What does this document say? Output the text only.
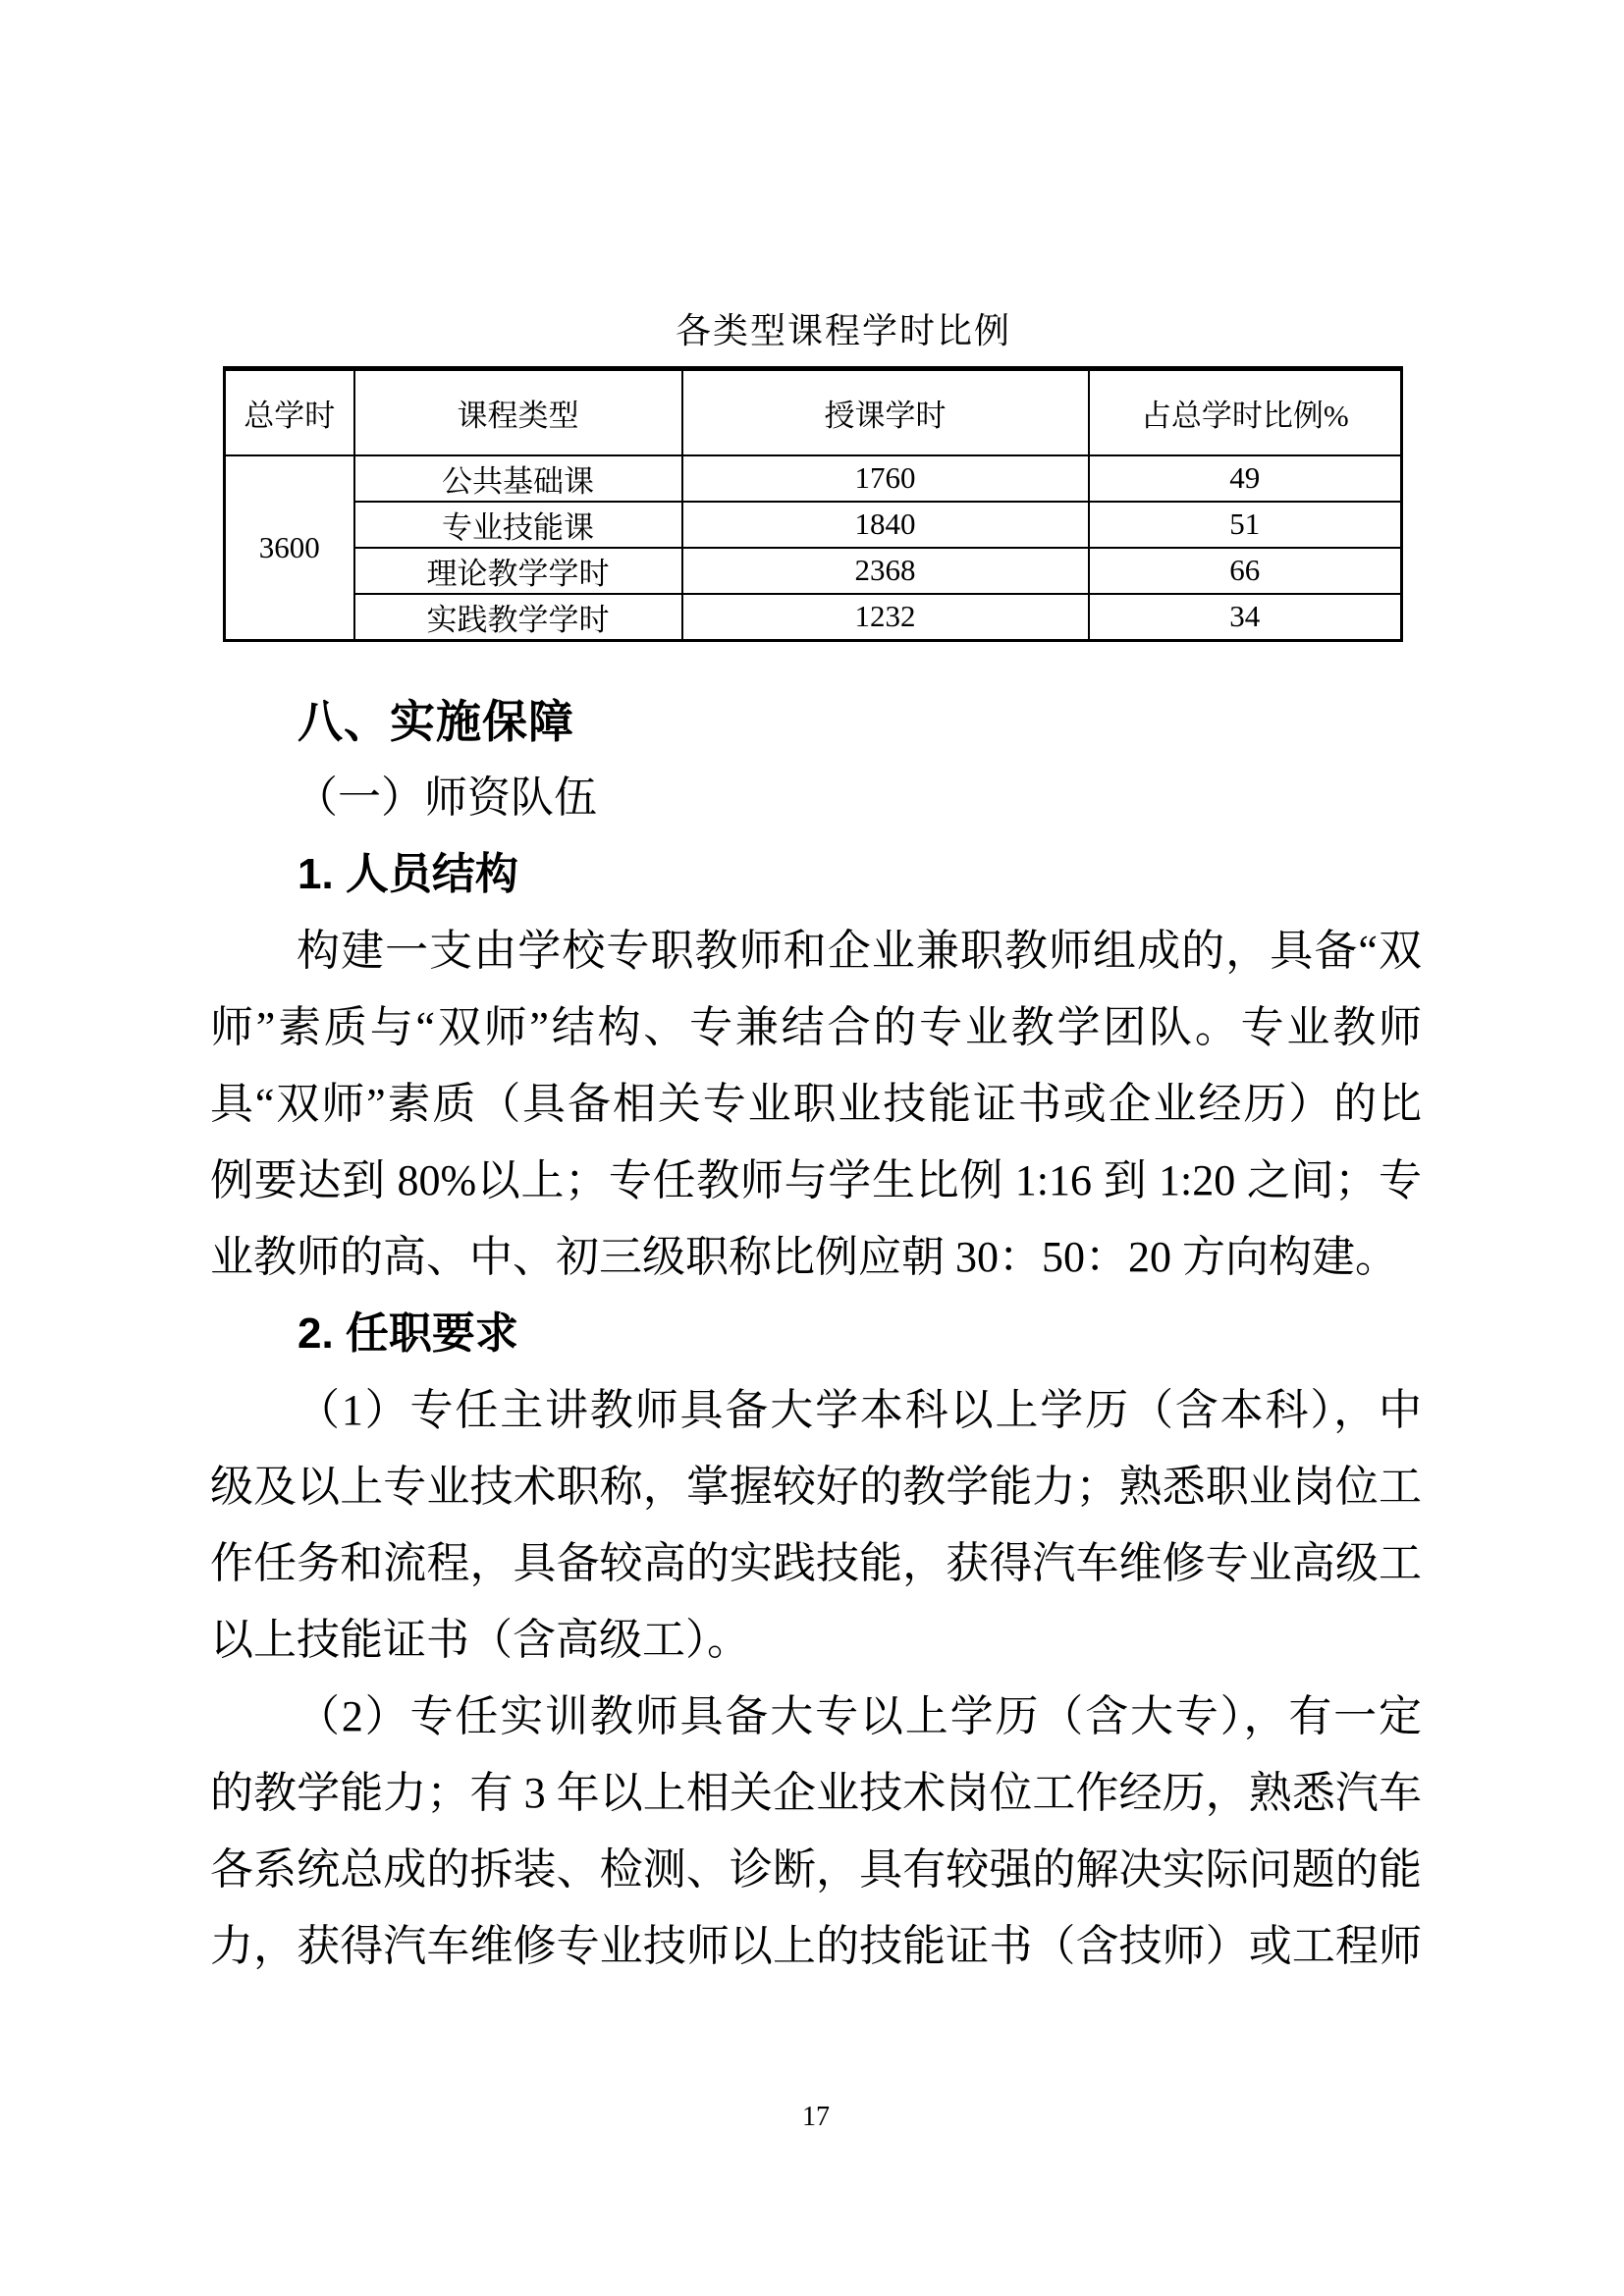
各类型课程学时比例
总学时	课程类型	授课学时	占总学时比例%
3600	公共基础课	1760	49
	专业技能课	1840	51
	理论教学学时	2368	66
	实践教学学时	1232	34
八、实施保障
（一）师资队伍
1. 人员结构
构建一支由学校专职教师和企业兼职教师组成的，具备“双
师”素质与“双师”结构、专兼结合的专业教学团队。专业教师
具“双师”素质（具备相关专业职业技能证书或企业经历）的比
例要达到 80%以上；专任教师与学生比例 1:16 到 1:20 之间；专
业教师的高、中、初三级职称比例应朝 30：50：20 方向构建。
2. 任职要求
（1）专任主讲教师具备大学本科以上学历（含本科），中
级及以上专业技术职称，掌握较好的教学能力；熟悉职业岗位工
作任务和流程，具备较高的实践技能，获得汽车维修专业高级工
以上技能证书（含高级工）。
（2）专任实训教师具备大专以上学历（含大专），有一定
的教学能力；有 3 年以上相关企业技术岗位工作经历，熟悉汽车
各系统总成的拆装、检测、诊断，具有较强的解决实际问题的能
力，获得汽车维修专业技师以上的技能证书（含技师）或工程师
17
